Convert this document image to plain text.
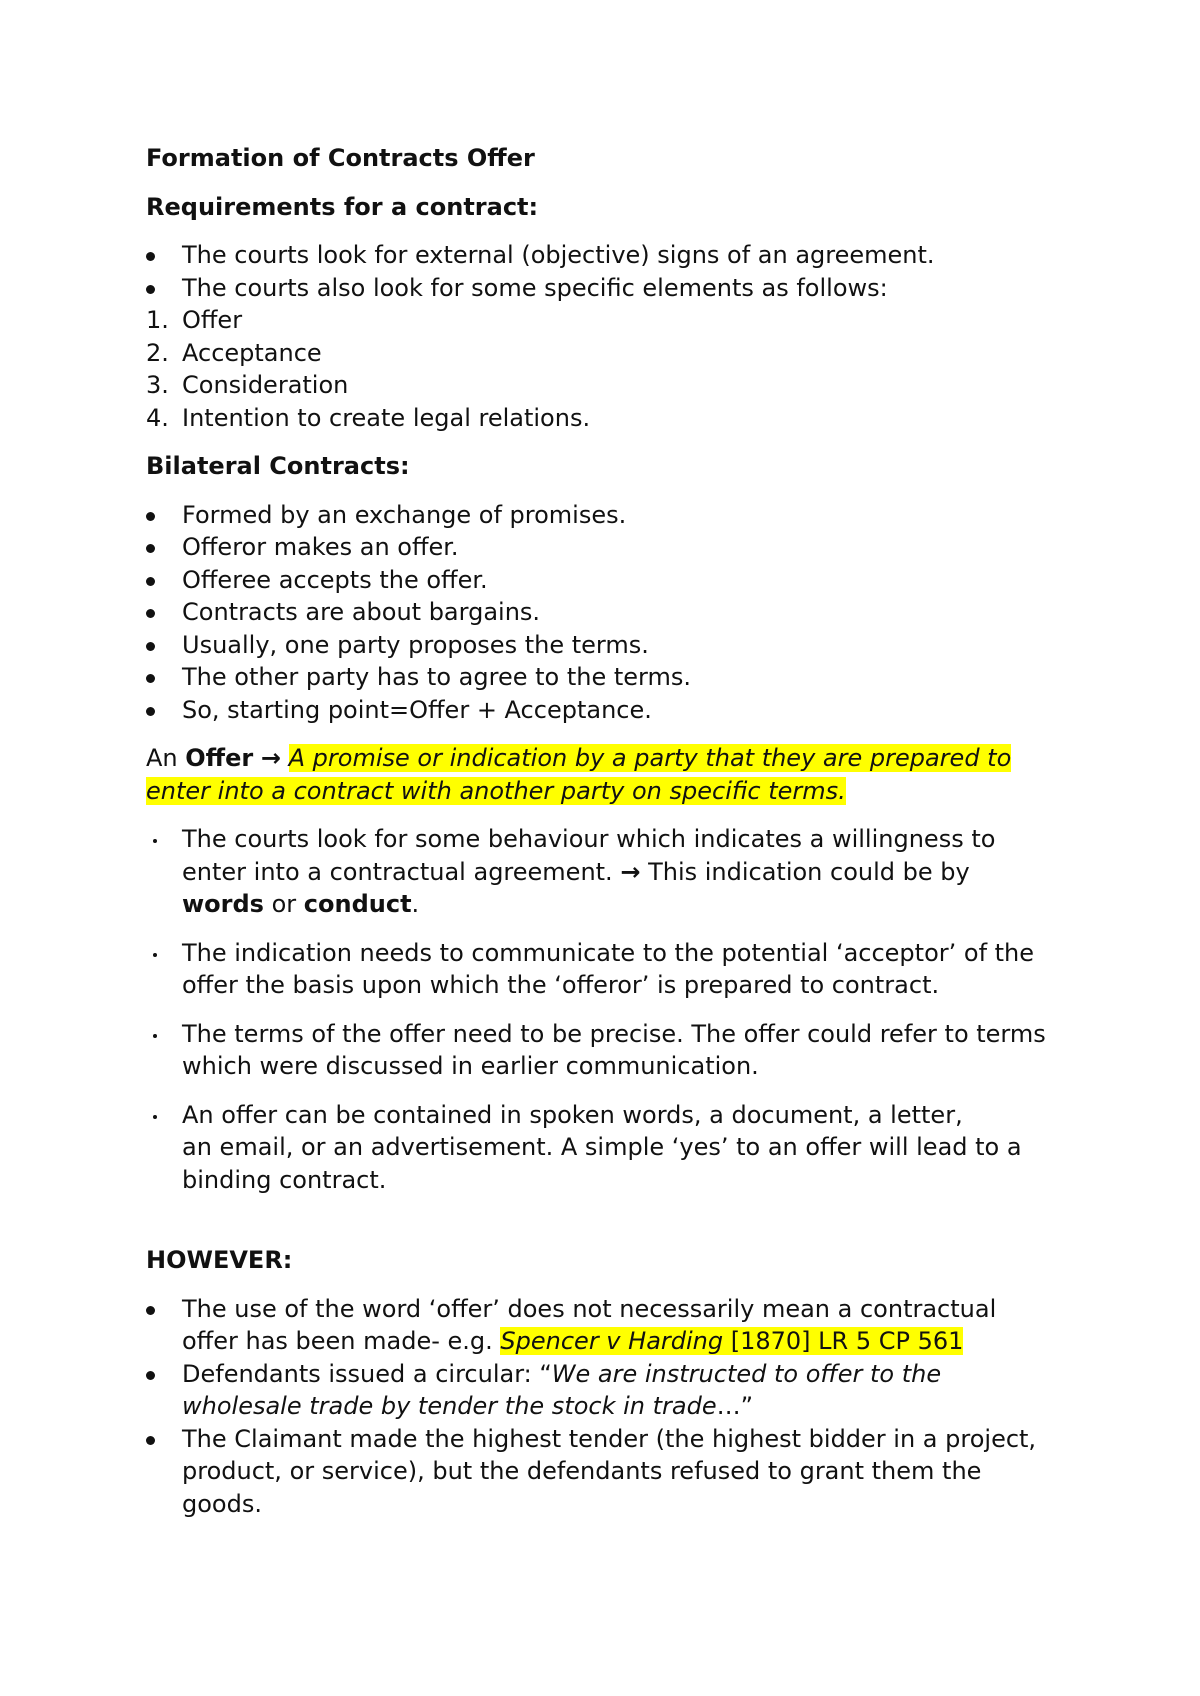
Formation of Contracts Offer

Requirements for a contract:

The courts look for external (objective) signs of an agreement.
The courts also look for some specific elements as follows:
1. Offer
2. Acceptance
3. Consideration
4. Intention to create legal relations.

Bilateral Contracts:

Formed by an exchange of promises.
Offeror makes an offer.
Offeree accepts the offer.
Contracts are about bargains.
Usually, one party proposes the terms.
The other party has to agree to the terms.
So, starting point=Offer + Acceptance.
An Offer → A promise or indication by a party that they are prepared to
enter into a contract with another party on specific terms.
The courts look for some behaviour which indicates a willingness to
enter into a contractual agreement. → This indication could be by
words or conduct.
The indication needs to communicate to the potential ‘acceptor’ of the
offer the basis upon which the ‘offeror’ is prepared to contract.
The terms of the offer need to be precise. The offer could refer to terms
which were discussed in earlier communication.
An offer can be contained in spoken words, a document, a letter,
an email, or an advertisement. A simple ‘yes’ to an offer will lead to a
binding contract.

HOWEVER:

The use of the word ‘offer’ does not necessarily mean a contractual
offer has been made- e.g. Spencer v Harding [1870] LR 5 CP 561
Defendants issued a circular: “We are instructed to offer to the
wholesale trade by tender the stock in trade…”
The Claimant made the highest tender (the highest bidder in a project,
product, or service), but the defendants refused to grant them the
goods.
